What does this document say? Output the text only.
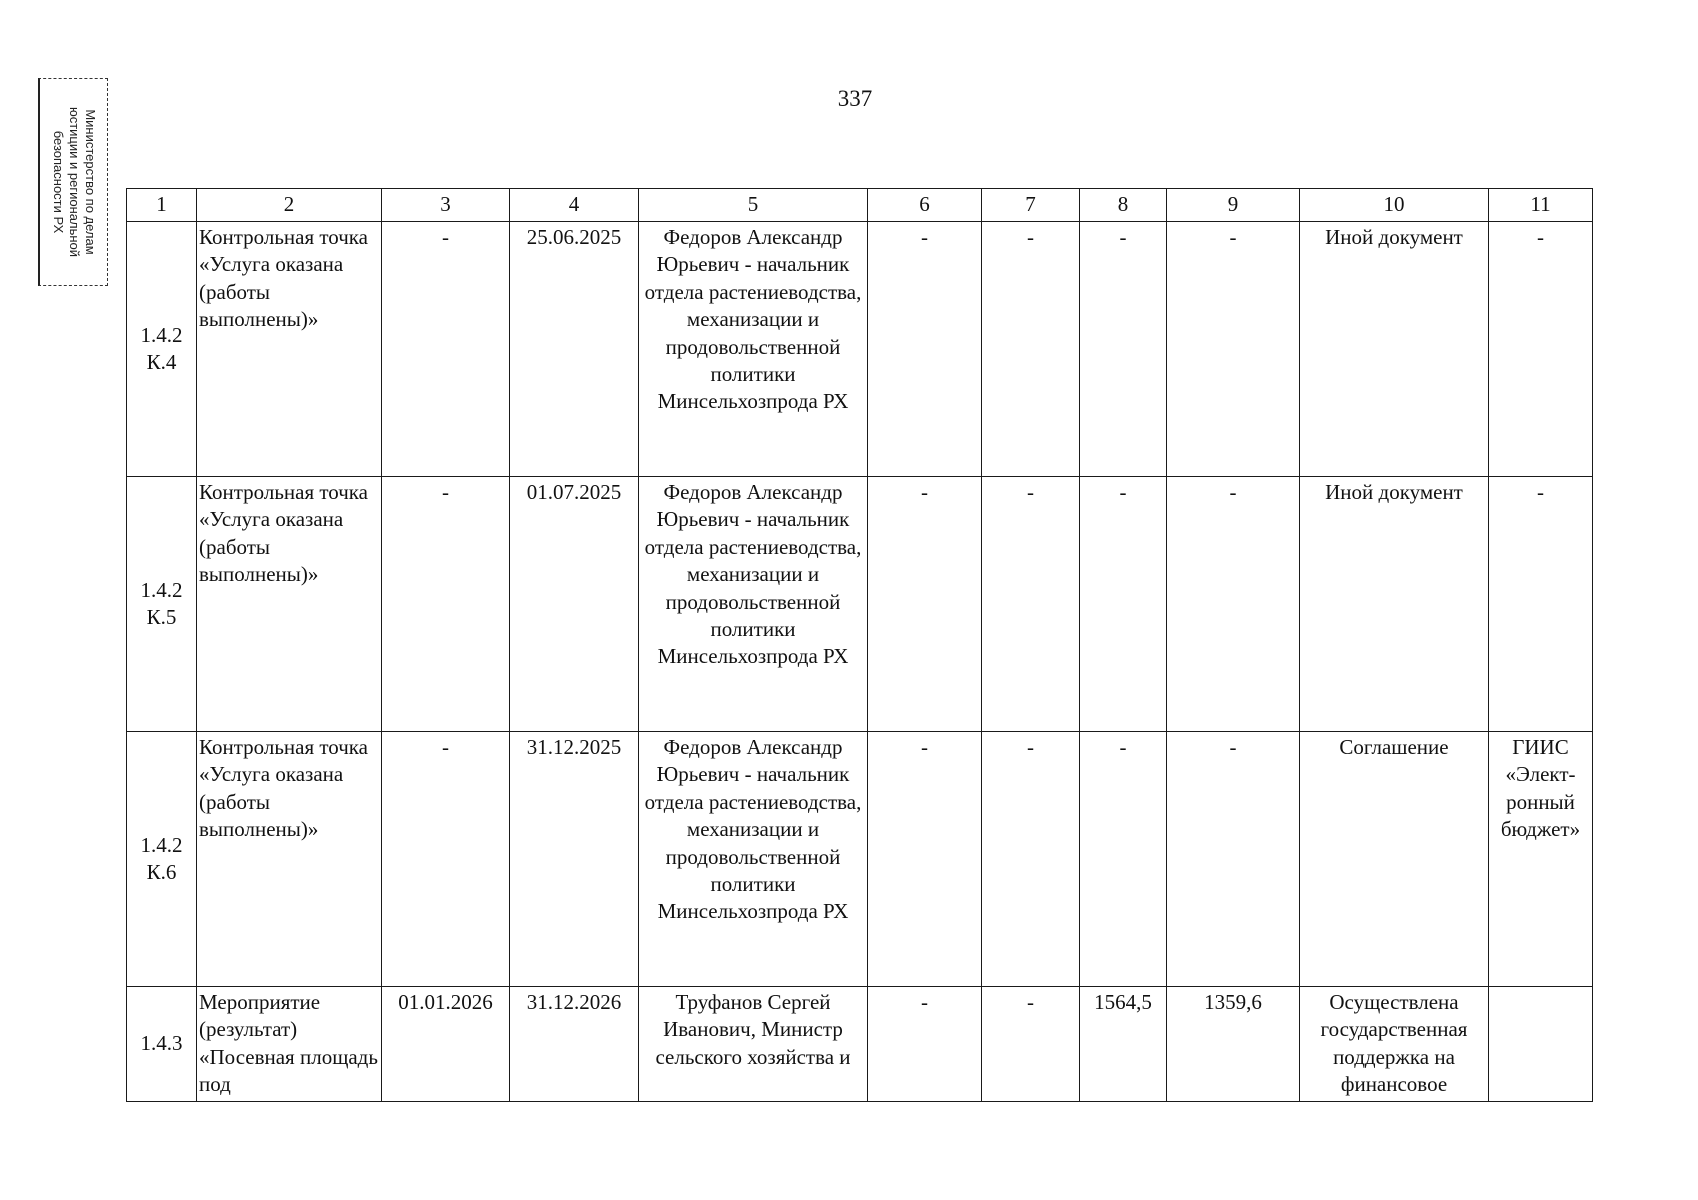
Министерство по делам
юстиции и региональной
безопасности РХ
337
1	2	3	4	5	6	7	8	9	10	11
1.4.2 К.4	Контрольная точка «Услуга оказана (работы выполнены)»	-	25.06.2025	Федоров Александр Юрьевич - начальник отдела растениеводства, механизации и продовольственной политики Минсельхозпрода РХ	-	-	-	-	Иной документ	-
1.4.2 К.5	Контрольная точка «Услуга оказана (работы выполнены)»	-	01.07.2025	Федоров Александр Юрьевич - начальник отдела растениеводства, механизации и продовольственной политики Минсельхозпрода РХ	-	-	-	-	Иной документ	-
1.4.2 К.6	Контрольная точка «Услуга оказана (работы выполнены)»	-	31.12.2025	Федоров Александр Юрьевич - начальник отдела растениеводства, механизации и продовольственной политики Минсельхозпрода РХ	-	-	-	-	Соглашение	ГИИС «Элект-ронный бюджет»
1.4.3	Мероприятие (результат) «Посевная площадь под	01.01.2026	31.12.2026	Труфанов Сергей Иванович, Министр сельского хозяйства и	-	-	1564,5	1359,6	Осуществлена государственная поддержка на финансовое	
